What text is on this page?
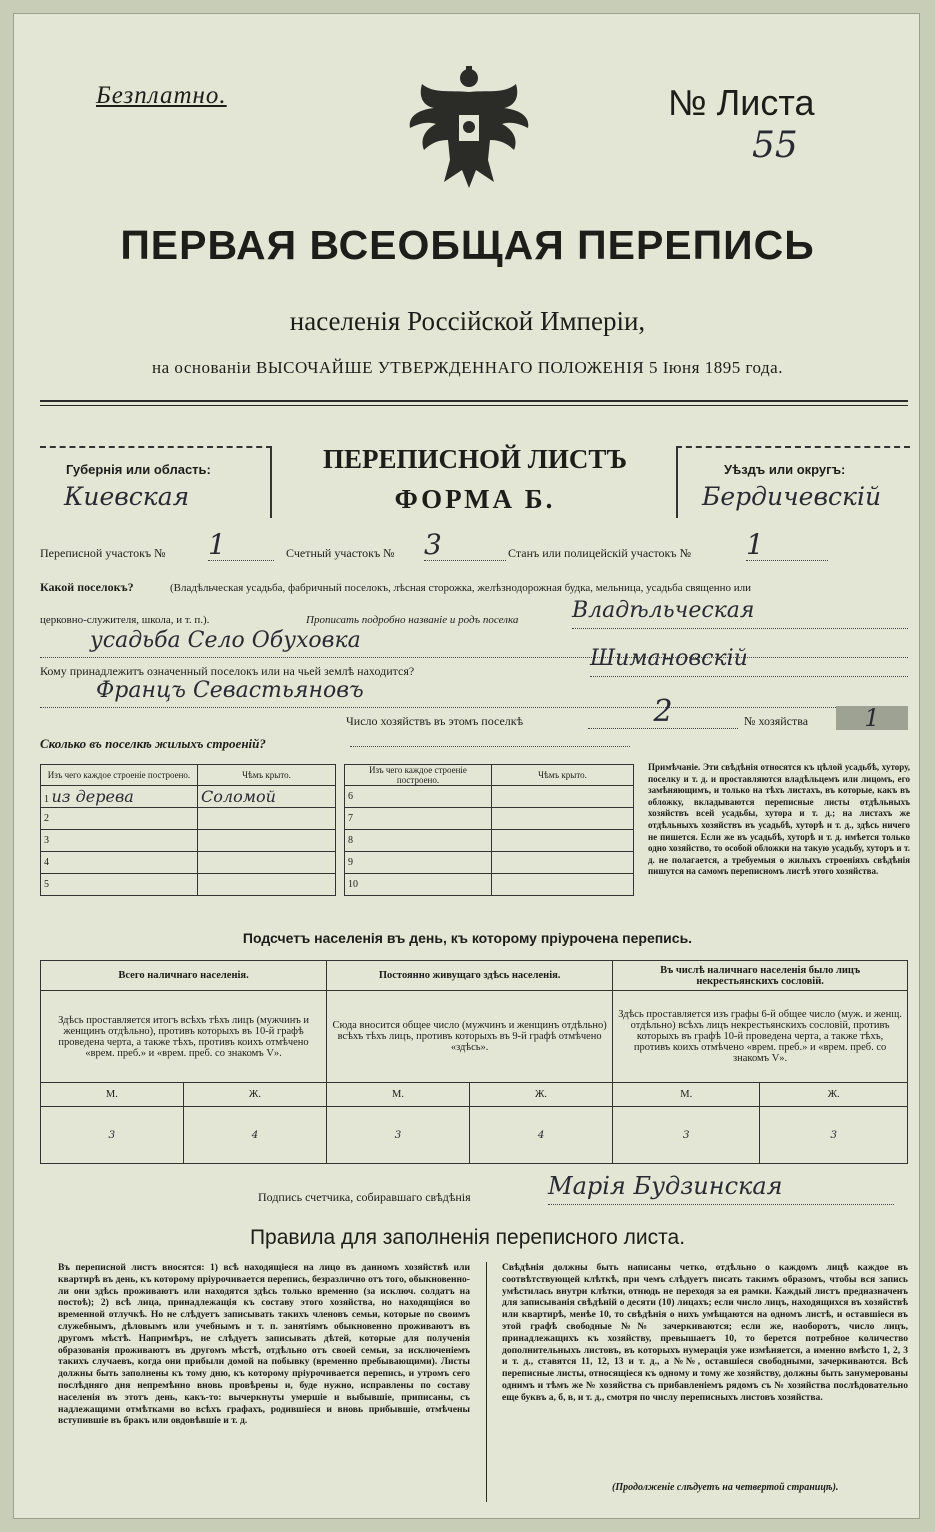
Безплатно.	№ Листа
55
ПЕРВАЯ ВСЕОБЩАЯ ПЕРЕПИСЬ
населенія Россійской Имперіи,
на основаніи ВЫСОЧАЙШЕ УТВЕРЖДЕННАГО ПОЛОЖЕНІЯ 5 Іюня 1895 года.
Губернія или область:
Киевская
ПЕРЕПИСНОЙ ЛИСТЪ
ФОРМА Б.
Уѣздъ или округъ:
Бердичевскiй
Переписной участокъ № 1	Счетный участокъ № 3	Станъ или полицейскій участокъ № 1
Какой поселокъ?	(Владѣльческая усадьба, фабричный поселокъ, лѣсная сторожка, желѣзнодорожная будка, мельница, усадьба священно или
церковно-служителя, школа, и т. п.).	Прописать подробно названіе и родъ поселка Владѣльческая
усадьба Село Обуховка
Кому принадлежитъ означенный поселокъ или на чьей землѣ находится?	Шимановскій
Францъ Севастьяновъ
Число хозяйствъ въ этомъ поселкѣ	2	№ хозяйства	1
Сколько въ поселкѣ жилыхъ строеній?
Изъ чего каждое строеніе построено.	Чѣмъ крыто.
1 из дерева	Соломой
2	
3	
4	
5	
Изъ чего каждое строеніе построено.	Чѣмъ крыто.
6	
7	
8	
9	
10	
Примѣчаніе. Эти свѣдѣнія относятся къ цѣлой усадьбѣ, хутору, поселку и т. д. и проставляются владѣльцемъ или лицомъ, его замѣняющимъ, и только на тѣхъ листахъ, въ которые, какъ въ обложку, вкладываются переписные листы отдѣльныхъ хозяйствъ всей усадьбы, хутора и т. д.; на листахъ же отдѣльныхъ хозяйствъ въ усадьбѣ, хуторѣ и т. д., здѣсь ничего не пишется. Если же въ усадьбѣ, хуторѣ и т. д. имѣется только одно хозяйство, то особой обложки на такую усадьбу, хуторъ и т. д. не полагается, а требуемыя о жилыхъ строеніяхъ свѣдѣнія пишутся на самомъ переписномъ листѣ этого хозяйства.
Подсчетъ населенія въ день, къ которому пріурочена перепись.
Всего наличнаго населенія.		Постоянно живущаго здѣсь населенія.		Въ числѣ наличнаго населенія было лицъ некрестьянскихъ сословій.	
Здѣсь проставляется итогъ всѣхъ тѣхъ лицъ (мужчинъ и женщинъ отдѣльно), противъ которыхъ въ 10-й графѣ проведена черта, а также тѣхъ, противъ коихъ отмѣчено «врем. преб.» и «врем. преб. со знакомъ V».		Сюда вносится общее число (мужчинъ и женщинъ отдѣльно) всѣхъ тѣхъ лицъ, противъ которыхъ въ 9-й графѣ отмѣчено «здѣсь».		Здѣсь проставляется изъ графы 6-й общее число (муж. и женщ. отдѣльно) всѣхъ лицъ некрестьянскихъ сословій, противъ которыхъ въ графѣ 10-й проведена черта, а также тѣхъ, противъ коихъ отмѣчено «врем. преб.» и «врем. преб. со знакомъ V».	
М.	Ж.	М.	Ж.	М.	Ж.
3	4	3	4	3	3
Подпись счетчика, собиравшаго свѣдѣнія	Марія Будзинская
Правила для заполненія переписного листа.
Въ переписной листъ вносятся: 1) всѣ находящіеся на лицо въ данномъ хозяйствѣ или квартирѣ въ день, къ которому пріурочивается перепись, безразлично отъ того, обыкновенно-ли они здѣсь проживаютъ или находятся здѣсь только временно (за исключ. солдатъ на постоѣ); 2) всѣ лица, принадлежащія къ составу этого хозяйства, но находящіяся во временной отлучкѣ. Но не слѣдуетъ записывать такихъ членовъ семьи, которые по своимъ служебнымъ, дѣловымъ или учебнымъ и т. п. занятіямъ обыкновенно проживаютъ въ другомъ мѣстѣ. Напримѣръ, не слѣдуетъ записывать дѣтей, которые для полученія образованія проживаютъ въ другомъ мѣстѣ, отдѣльно отъ своей семьи, за исключеніемъ такихъ случаевъ, когда они прибыли домой на побывку (временно пребывающими). Листы должны быть заполнены къ тому дню, къ которому пріурочивается перепись, и утромъ сего послѣдняго дня непремѣнно вновь провѣрены и, буде нужно, исправлены по составу населенія въ этотъ день, какъ-то: вычеркнуты умершіе и выбывшіе, приписаны, съ надлежащими отмѣтками во всѣхъ графахъ, родившіеся и вновь прибывшіе, отмѣчены вступившіе въ бракъ или овдовѣвшіе и т. д.
Свѣдѣнія должны быть написаны четко, отдѣльно о каждомъ лицѣ каждое въ соотвѣтствующей клѣткѣ, при чемъ слѣдуетъ писать такимъ образомъ, чтобы вся запись умѣстилась внутри клѣтки, отнюдь не переходя за ея рамки. Каждый листъ предназначенъ для записыванія свѣдѣній о десяти (10) лицахъ; если число лицъ, находящихся въ хозяйствѣ или квартирѣ, менѣе 10, то свѣдѣнія о нихъ умѣщаются на одномъ листѣ, и оставшіеся въ этой графѣ свободные №№ зачеркиваются; если же, наоборотъ, число лицъ, принадлежащихъ къ хозяйству, превышаетъ 10, то берется потребное количество дополнительныхъ листовъ, въ которыхъ нумерація уже измѣняется, а именно вмѣсто 1, 2, 3 и т. д., ставятся 11, 12, 13 и т. д., а №№, оставшіеся свободными, зачеркиваются. Всѣ переписные листы, относящіеся къ одному и тому же хозяйству, должны быть занумерованы однимъ и тѣмъ же № хозяйства съ прибавленіемъ рядомъ съ № хозяйства послѣдовательно еще буквъ а, б, в, и т. д., смотря по числу переписныхъ листовъ хозяйства.
(Продолженіе слѣдуетъ на четвертой страницѣ).
